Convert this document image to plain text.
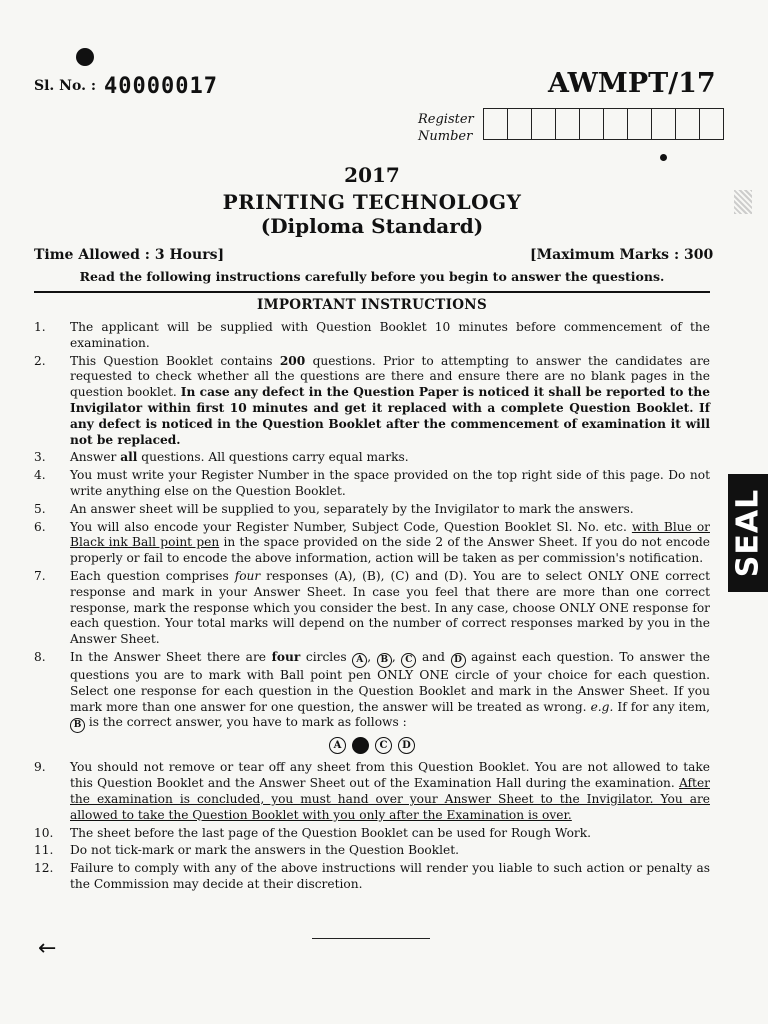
Sl. No. : 40000017	AWMPT/17
Register
Number
2017
PRINTING TECHNOLOGY
(Diploma Standard)
Time Allowed : 3 Hours]	[Maximum Marks : 300
Read the following instructions carefully before you begin to answer the questions.
IMPORTANT INSTRUCTIONS
1.	The applicant will be supplied with Question Booklet 10 minutes before commencement of the examination.
2.	This Question Booklet contains 200 questions. Prior to attempting to answer the candidates are requested to check whether all the questions are there and ensure there are no blank pages in the question booklet. In case any defect in the Question Paper is noticed it shall be reported to the Invigilator within first 10 minutes and get it replaced with a complete Question Booklet. If any defect is noticed in the Question Booklet after the commencement of examination it will not be replaced.
3.	Answer all questions. All questions carry equal marks.
4.	You must write your Register Number in the space provided on the top right side of this page. Do not write anything else on the Question Booklet.
5.	An answer sheet will be supplied to you, separately by the Invigilator to mark the answers.
6.	You will also encode your Register Number, Subject Code, Question Booklet Sl. No. etc. with Blue or Black ink Ball point pen in the space provided on the side 2 of the Answer Sheet. If you do not encode properly or fail to encode the above information, action will be taken as per commission's notification.
7.	Each question comprises four responses (A), (B), (C) and (D). You are to select ONLY ONE correct response and mark in your Answer Sheet. In case you feel that there are more than one correct response, mark the response which you consider the best. In any case, choose ONLY ONE response for each question. Your total marks will depend on the number of correct responses marked by you in the Answer Sheet.
8.	In the Answer Sheet there are four circles A , B , C and D against each question. To answer the questions you are to mark with Ball point pen ONLY ONE circle of your choice for each question. Select one response for each question in the Question Booklet and mark in the Answer Sheet. If you mark more than one answer for one question, the answer will be treated as wrong. e.g. If for any item, B is the correct answer, you have to mark as follows :
A	C	D
9.	You should not remove or tear off any sheet from this Question Booklet. You are not allowed to take this Question Booklet and the Answer Sheet out of the Examination Hall during the examination. After the examination is concluded, you must hand over your Answer Sheet to the Invigilator. You are allowed to take the Question Booklet with you only after the Examination is over.
10.	The sheet before the last page of the Question Booklet can be used for Rough Work.
11.	Do not tick-mark or mark the answers in the Question Booklet.
12.	Failure to comply with any of the above instructions will render you liable to such action or penalty as the Commission may decide at their discretion.
←
SEAL
